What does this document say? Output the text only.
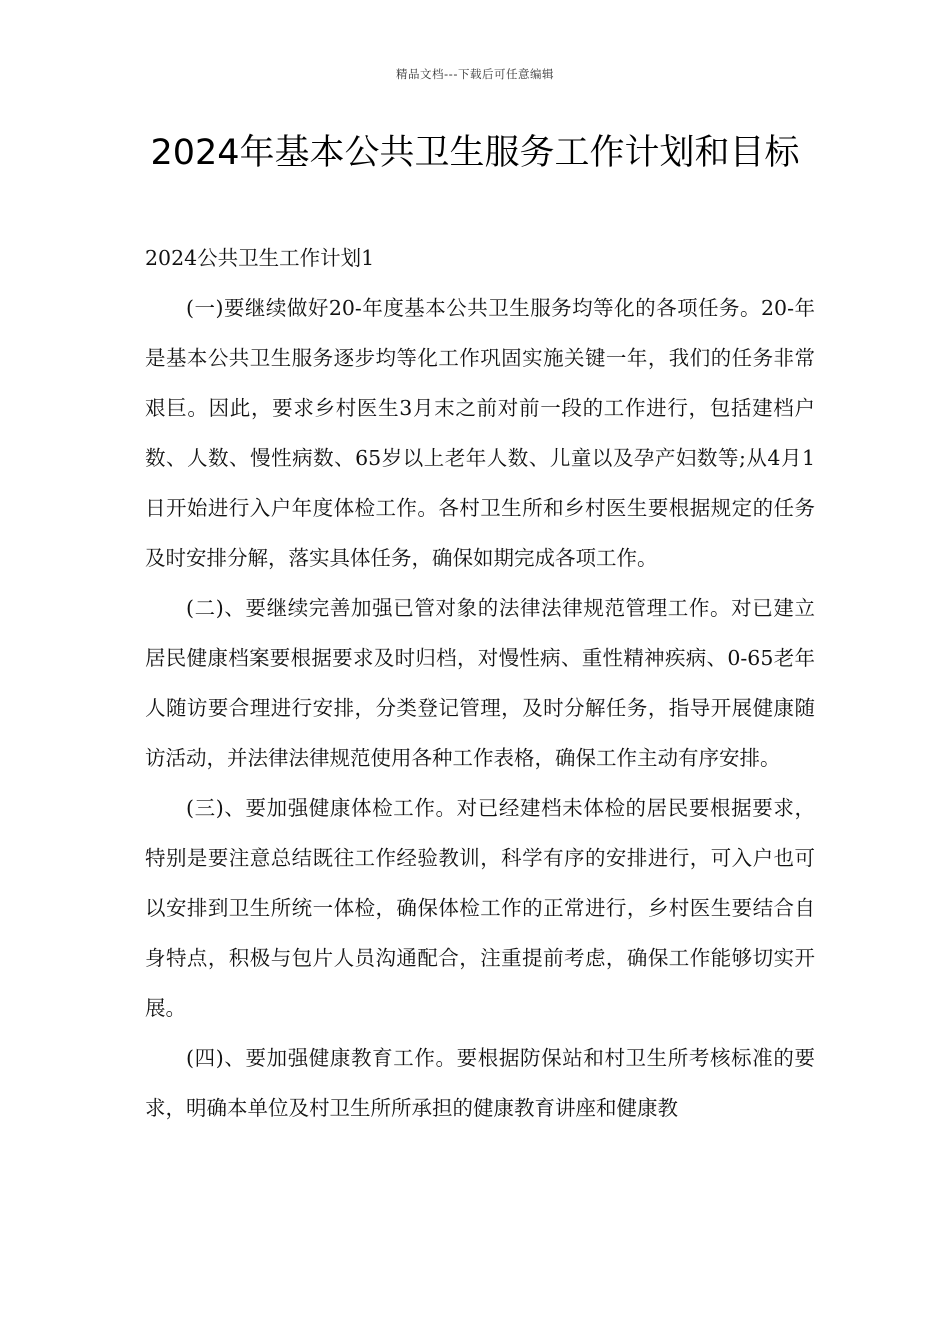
精品文档---下载后可任意编辑
2024年基本公共卫生服务工作计划和目标

2024公共卫生工作计划1

(一)要继续做好20-年度基本公共卫生服务均等化的各项任务。20-年是基本公共卫生服务逐步均等化工作巩固实施关键一年，我们的任务非常艰巨。因此，要求乡村医生3月末之前对前一段的工作进行，包括建档户数、人数、慢性病数、65岁以上老年人数、儿童以及孕产妇数等;从4月1日开始进行入户年度体检工作。各村卫生所和乡村医生要根据规定的任务及时安排分解，落实具体任务，确保如期完成各项工作。

(二)、要继续完善加强已管对象的法律法律规范管理工作。对已建立居民健康档案要根据要求及时归档，对慢性病、重性精神疾病、0-65老年人随访要合理进行安排，分类登记管理，及时分解任务，指导开展健康随访活动，并法律法律规范使用各种工作表格，确保工作主动有序安排。

(三)、要加强健康体检工作。对已经建档未体检的居民要根据要求，特别是要注意总结既往工作经验教训，科学有序的安排进行，可入户也可以安排到卫生所统一体检，确保体检工作的正常进行，乡村医生要结合自身特点，积极与包片人员沟通配合，注重提前考虑，确保工作能够切实开展。

(四)、要加强健康教育工作。要根据防保站和村卫生所考核标准的要求，明确本单位及村卫生所所承担的健康教育讲座和健康教
